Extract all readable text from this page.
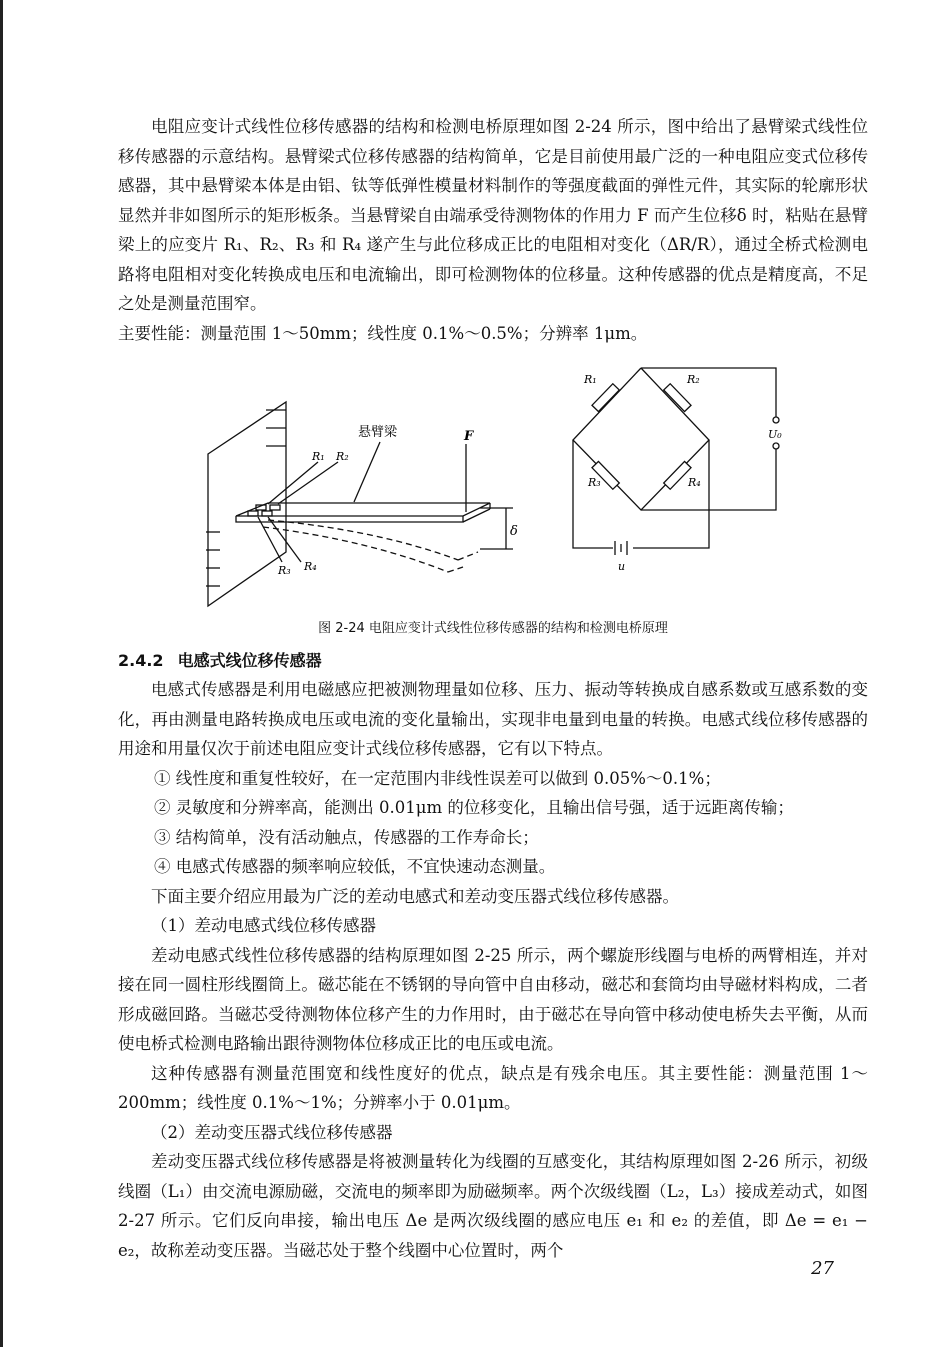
电阻应变计式线性位移传感器的结构和检测电桥原理如图 2-24 所示，图中给出了悬臂梁式线性位移传感器的示意结构。悬臂梁式位移传感器的结构简单，它是目前使用最广泛的一种电阻应变式位移传感器，其中悬臂梁本体是由铝、钛等低弹性模量材料制作的等强度截面的弹性元件，其实际的轮廓形状显然并非如图所示的矩形板条。当悬臂梁自由端承受待测物体的作用力 F 而产生位移δ 时，粘贴在悬臂梁上的应变片 R₁、R₂、R₃ 和 R₄ 遂产生与此位移成正比的电阻相对变化（ΔR/R），通过全桥式检测电路将电阻相对变化转换成电压和电流输出，即可检测物体的位移量。这种传感器的优点是精度高，不足之处是测量范围窄。

主要性能：测量范围 1～50mm；线性度 0.1%～0.5%；分辨率 1μm。

悬臂梁	F
δ
R₁ R₂
R₃ R₄
R₁	R₂
R₃	R₄
U₀
u
图 2-24 电阻应变计式线性位移传感器的结构和检测电桥原理
2.4.2 电感式线位移传感器

电感式传感器是利用电磁感应把被测物理量如位移、压力、振动等转换成自感系数或互感系数的变化，再由测量电路转换成电压或电流的变化量输出，实现非电量到电量的转换。电感式线位移传感器的用途和用量仅次于前述电阻应变计式线位移传感器，它有以下特点。

① 线性度和重复性较好，在一定范围内非线性误差可以做到 0.05%～0.1%；

② 灵敏度和分辨率高，能测出 0.01μm 的位移变化，且输出信号强，适于远距离传输；

③ 结构简单，没有活动触点，传感器的工作寿命长；

④ 电感式传感器的频率响应较低，不宜快速动态测量。

下面主要介绍应用最为广泛的差动电感式和差动变压器式线位移传感器。

（1）差动电感式线位移传感器

差动电感式线性位移传感器的结构原理如图 2-25 所示，两个螺旋形线圈与电桥的两臂相连，并对接在同一圆柱形线圈筒上。磁芯能在不锈钢的导向管中自由移动，磁芯和套筒均由导磁材料构成，二者形成磁回路。当磁芯受待测物体位移产生的力作用时，由于磁芯在导向管中移动使电桥失去平衡，从而使电桥式检测电路输出跟待测物体位移成正比的电压或电流。

这种传感器有测量范围宽和线性度好的优点，缺点是有残余电压。其主要性能：测量范围 1～200mm；线性度 0.1%～1%；分辨率小于 0.01μm。

（2）差动变压器式线位移传感器

差动变压器式线位移传感器是将被测量转化为线圈的互感变化，其结构原理如图 2-26 所示，初级线圈（L₁）由交流电源励磁，交流电的频率即为励磁频率。两个次级线圈（L₂，L₃）接成差动式，如图 2-27 所示。它们反向串接，输出电压 Δe 是两次级线圈的感应电压 e₁ 和 e₂ 的差值，即 Δe = e₁ − e₂，故称差动变压器。当磁芯处于整个线圈中心位置时，两个

27
